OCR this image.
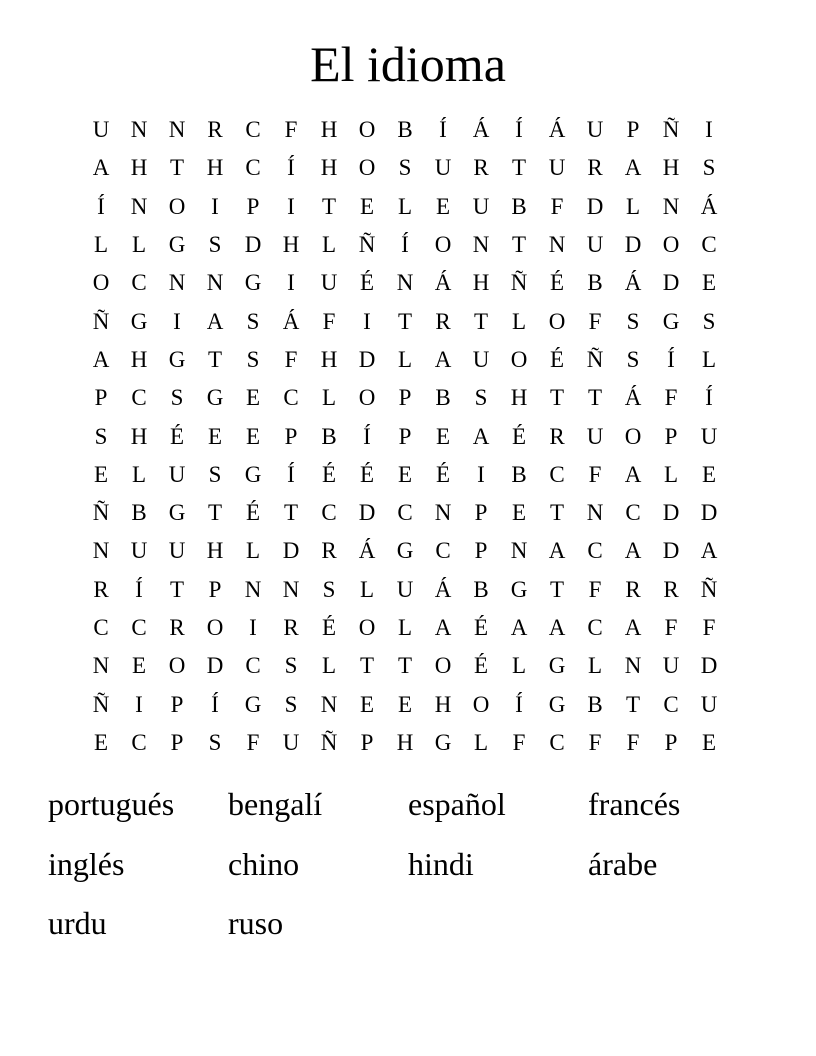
El idioma
U N N R C	F	H O B	Í	Á	Í	Á U	P	Ñ	I
A H T H C	Í	H O	S	U R	T U R A H	S
Í	N O	I	P	I	T	E	L	E U B	F	D L N Á
L	L G	S	D H L Ñ	Í	O N T N U D O C
O C N N G	I	U É N Á H Ñ É	B Á D E
Ñ G	I	A	S	Á	F	I	T	R	T	L O	F	S	G	S
A H G T	S	F	H D L A U O É Ñ	S	Í	L
P	C	S	G E	C	L O	P	B	S	H T	T Á	F	Í
S	H É	E	E	P	B	Í	P	E A É	R U O	P	U
E	L U	S	G	Í	É	É	E	É	I	B C	F	A L	E
Ñ B G T	É	T	C D C N	P	E	T N C D D
N U U H L D R Á G C	P	N A C A D A
R	Í	T	P	N N	S	L U Á B G T	F	R R Ñ
C C R O	I	R	É O L A É A A C A	F	F
N E O D C	S	L	T	T O É	L G L N U D
Ñ	I	P	Í	G	S	N E	E H O	Í	G B	T	C U
E	C	P	S	F	U Ñ	P	H G L	F	C	F	F	P	E
portugués	bengalí	español	francés
inglés	chino	hindi	árabe
urdu	ruso
